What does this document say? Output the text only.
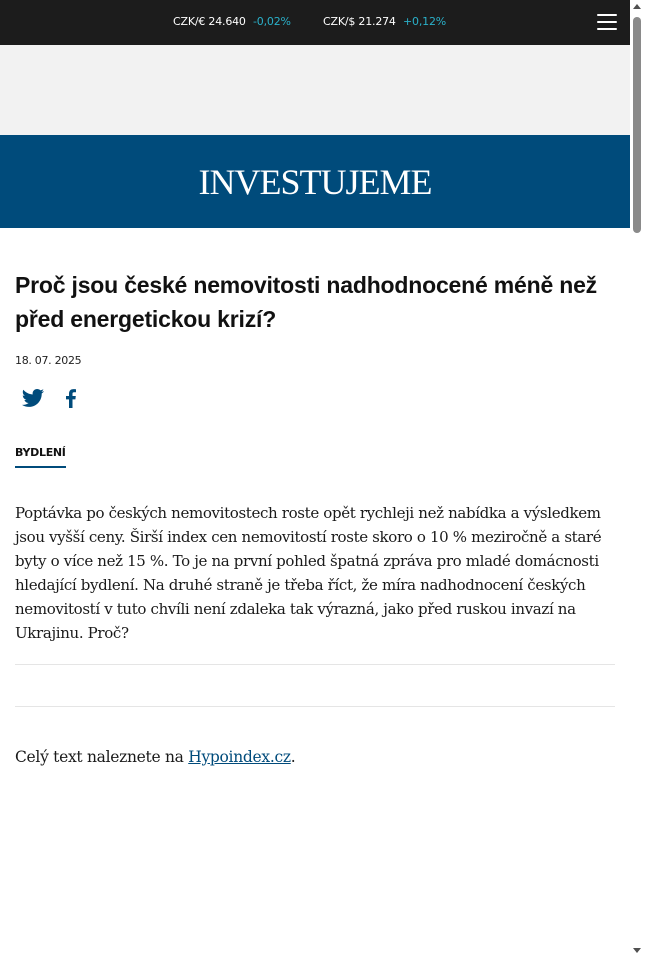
CZK/€ 24.640 -0,02%	CZK/$ 21.274 +0,12%
INVESTUJEME
Proč jsou české nemovitosti nadhodnocené méně než před energetickou krizí?
18. 07. 2025
BYDLENÍ

Poptávka po českých nemovitostech roste opět rychleji než nabídka a výsledkem jsou vyšší ceny. Širší index cen nemovitostí roste skoro o 10 % meziročně a staré byty o více než 15 %. To je na první pohled špatná zpráva pro mladé domácnosti hledající bydlení. Na druhé straně je třeba říct, že míra nadhodnocení českých nemovitostí v tuto chvíli není zdaleka tak výrazná, jako před ruskou invazí na Ukrajinu. Proč?

Celý text naleznete na Hypoindex.cz.
